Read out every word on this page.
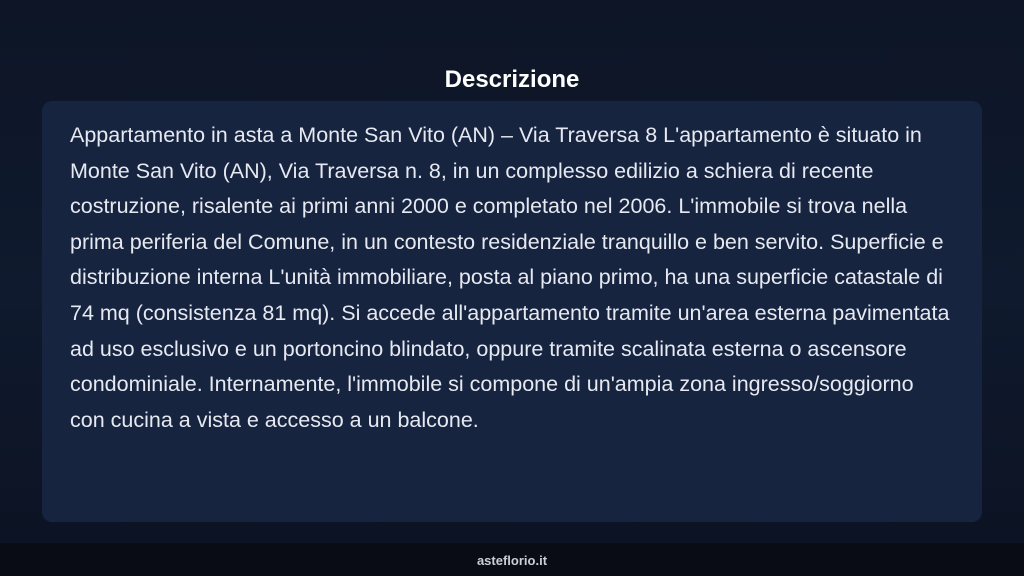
Descrizione

Appartamento in asta a Monte San Vito (AN) – Via Traversa 8 L'appartamento è situato in Monte San Vito (AN), Via Traversa n. 8, in un complesso edilizio a schiera di recente costruzione, risalente ai primi anni 2000 e completato nel 2006. L'immobile si trova nella prima periferia del Comune, in un contesto residenziale tranquillo e ben servito. Superficie e distribuzione interna L'unità immobiliare, posta al piano primo, ha una superficie catastale di 74 mq (consistenza 81 mq). Si accede all'appartamento tramite un'area esterna pavimentata ad uso esclusivo e un portoncino blindato, oppure tramite scalinata esterna o ascensore condominiale. Internamente, l'immobile si compone di un'ampia zona ingresso/soggiorno con cucina a vista e accesso a un balcone.

asteflorio.it
